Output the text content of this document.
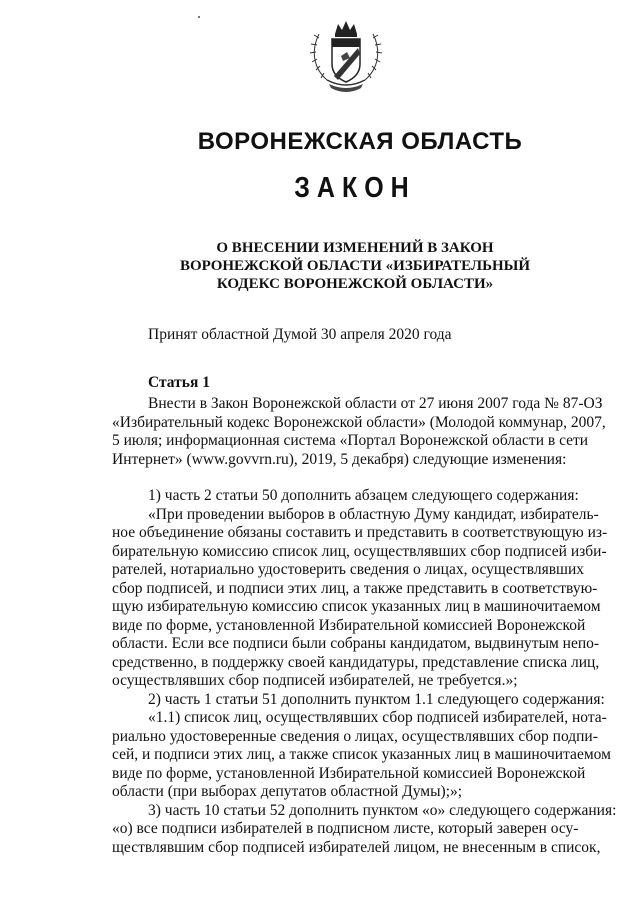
ВОРОНЕЖСКАЯ ОБЛАСТЬ
ЗАКОН
О ВНЕСЕНИИ ИЗМЕНЕНИЙ В ЗАКОН
ВОРОНЕЖСКОЙ ОБЛАСТИ «ИЗБИРАТЕЛЬНЫЙ
КОДЕКС ВОРОНЕЖСКОЙ ОБЛАСТИ»
Принят областной Думой 30 апреля 2020 года
Статья 1
Внести в Закон Воронежской области от 27 июня 2007 года № 87-ОЗ
«Избирательный кодекс Воронежской области» (Молодой коммунар, 2007,
5 июля; информационная система «Портал Воронежской области в сети
Интернет» (www.govvrn.ru), 2019, 5 декабря) следующие изменения:
1) часть 2 статьи 50 дополнить абзацем следующего содержания:
«При проведении выборов в областную Думу кандидат, избиратель-
ное объединение обязаны составить и представить в соответствующую из-
бирательную комиссию список лиц, осуществлявших сбор подписей изби-
рателей, нотариально удостоверить сведения о лицах, осуществлявших
сбор подписей, и подписи этих лиц, а также представить в соответствую-
щую избирательную комиссию список указанных лиц в машиночитаемом
виде по форме, установленной Избирательной комиссией Воронежской
области. Если все подписи были собраны кандидатом, выдвинутым непо-
средственно, в поддержку своей кандидатуры, представление списка лиц,
осуществлявших сбор подписей избирателей, не требуется.»;
2) часть 1 статьи 51 дополнить пунктом 1.1 следующего содержания:
«1.1) список лиц, осуществлявших сбор подписей избирателей, нота-
риально удостоверенные сведения о лицах, осуществлявших сбор подпи-
сей, и подписи этих лиц, а также список указанных лиц в машиночитаемом
виде по форме, установленной Избирательной комиссией Воронежской
области (при выборах депутатов областной Думы);»;
3) часть 10 статьи 52 дополнить пунктом «о» следующего содержания:
«о) все подписи избирателей в подписном листе, который заверен осу-
ществлявшим сбор подписей избирателей лицом, не внесенным в список,
